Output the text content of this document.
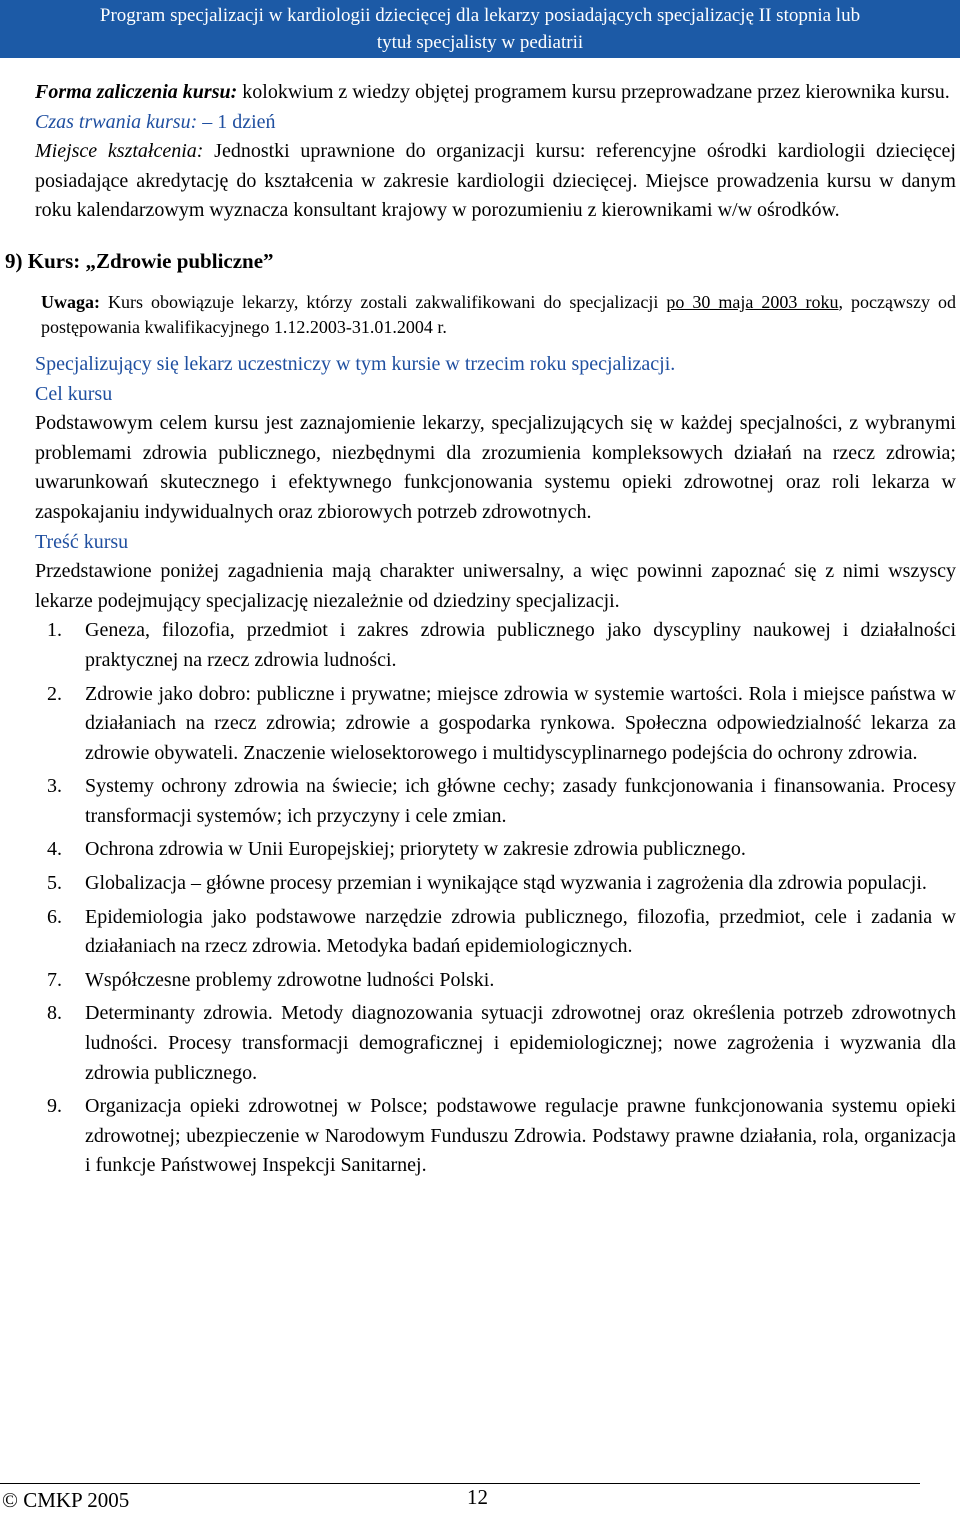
Program specjalizacji w kardiologii dziecięcej dla lekarzy posiadających specjalizację II stopnia lub
tytuł specjalisty w pediatrii

Forma zaliczenia kursu: kolokwium z wiedzy objętej programem kursu przeprowadzane przez kierownika kursu.

Czas trwania kursu: – 1 dzień

Miejsce kształcenia: Jednostki uprawnione do organizacji kursu: referencyjne ośrodki kardiologii dziecięcej posiadające akredytację do kształcenia w zakresie kardiologii dziecięcej. Miejsce prowadzenia kursu w danym roku kalendarzowym wyznacza konsultant krajowy w porozumieniu z kierownikami w/w ośrodków.

9) Kurs: „Zdrowie publiczne”

Uwaga: Kurs obowiązuje lekarzy, którzy zostali zakwalifikowani do specjalizacji po 30 maja 2003 roku, począwszy od postępowania kwalifikacyjnego 1.12.2003-31.01.2004 r.

Specjalizujący się lekarz uczestniczy w tym kursie w trzecim roku specjalizacji.

Cel kursu

Podstawowym celem kursu jest zaznajomienie lekarzy, specjalizujących się w każdej specjalności, z wybranymi problemami zdrowia publicznego, niezbędnymi dla zrozumienia kompleksowych działań na rzecz zdrowia; uwarunkowań skutecznego i efektywnego funkcjonowania systemu opieki zdrowotnej oraz roli lekarza w zaspokajaniu indywidualnych oraz zbiorowych potrzeb zdrowotnych.

Treść kursu

Przedstawione poniżej zagadnienia mają charakter uniwersalny, a więc powinni zapoznać się z nimi wszyscy lekarze podejmujący specjalizację niezależnie od dziedziny specjalizacji.

1. Geneza, filozofia, przedmiot i zakres zdrowia publicznego jako dyscypliny naukowej i działalności praktycznej na rzecz zdrowia ludności.
2. Zdrowie jako dobro: publiczne i prywatne; miejsce zdrowia w systemie wartości. Rola i miejsce państwa w działaniach na rzecz zdrowia; zdrowie a gospodarka rynkowa. Społeczna odpowiedzialność lekarza za zdrowie obywateli. Znaczenie wielosektorowego i multidyscyplinarnego podejścia do ochrony zdrowia.
3. Systemy ochrony zdrowia na świecie; ich główne cechy; zasady funkcjonowania i finansowania. Procesy transformacji systemów; ich przyczyny i cele zmian.
4. Ochrona zdrowia w Unii Europejskiej; priorytety w zakresie zdrowia publicznego.
5. Globalizacja – główne procesy przemian i wynikające stąd wyzwania i zagrożenia dla zdrowia populacji.
6. Epidemiologia jako podstawowe narzędzie zdrowia publicznego, filozofia, przedmiot, cele i zadania w działaniach na rzecz zdrowia. Metodyka badań epidemiologicznych.
7. Współczesne problemy zdrowotne ludności Polski.
8. Determinanty zdrowia. Metody diagnozowania sytuacji zdrowotnej oraz określenia potrzeb zdrowotnych ludności. Procesy transformacji demograficznej i epidemiologicznej; nowe zagrożenia i wyzwania dla zdrowia publicznego.
9. Organizacja opieki zdrowotnej w Polsce; podstawowe regulacje prawne funkcjonowania systemu opieki zdrowotnej; ubezpieczenie w Narodowym Funduszu Zdrowia. Podstawy prawne działania, rola, organizacja i funkcje Państwowej Inspekcji Sanitarnej.
© CMKP 2005	12
